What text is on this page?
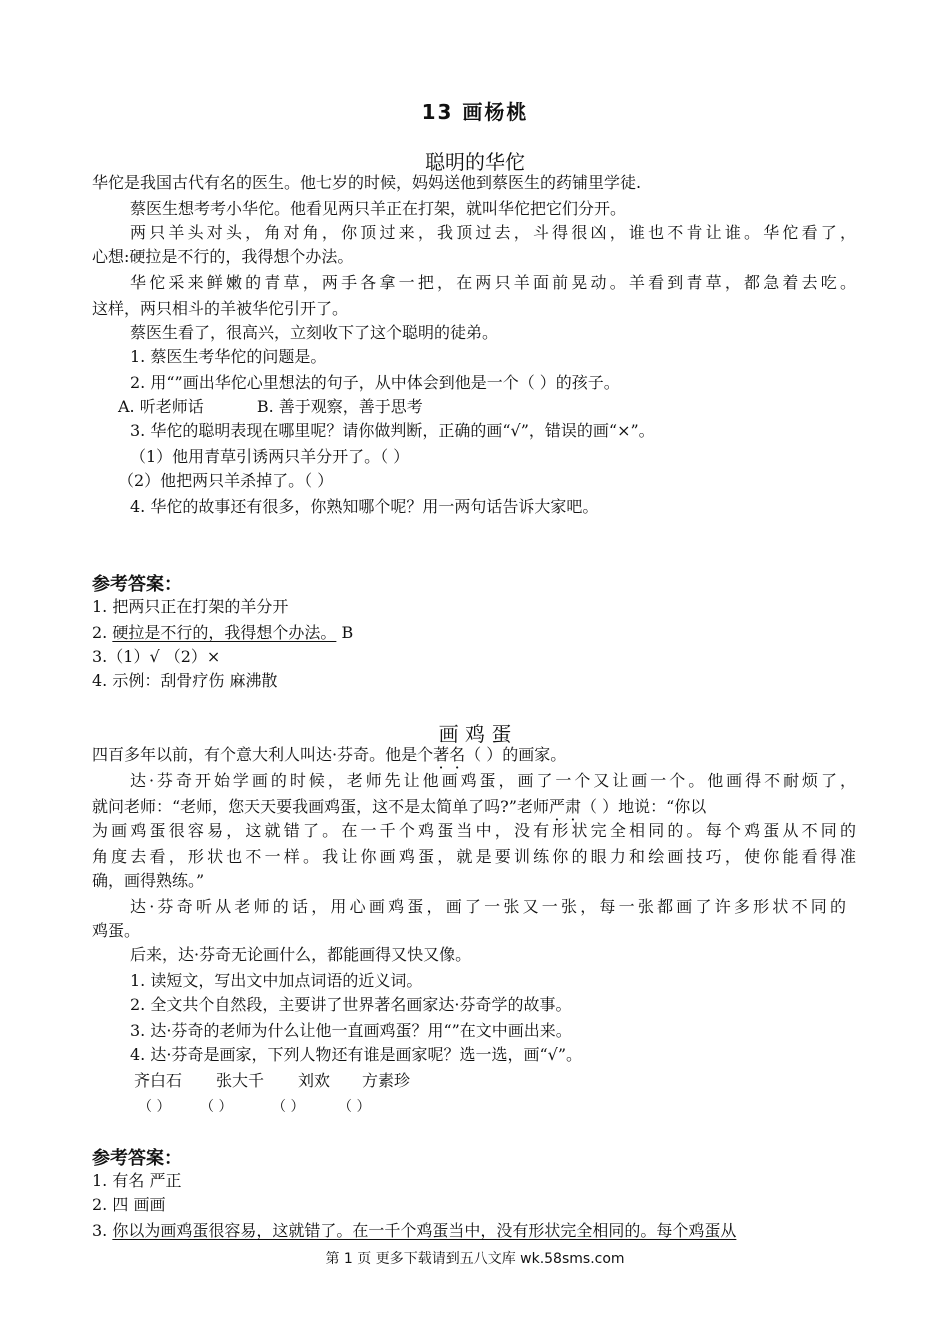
13 画杨桃
聪明的华佗
华佗是我国古代有名的医生。他七岁的时候，妈妈送他到蔡医生的药铺里学徒.
蔡医生想考考小华佗。他看见两只羊正在打架，就叫华佗把它们分开。
两只羊头对头，角对角，你顶过来，我顶过去，斗得很凶，谁也不肯让谁。华佗看了，
心想:硬拉是不行的，我得想个办法。
华佗采来鲜嫩的青草，两手各拿一把，在两只羊面前晃动。羊看到青草，都急着去吃。
这样，两只相斗的羊被华佗引开了。
蔡医生看了，很高兴，立刻收下了这个聪明的徒弟。
1. 蔡医生考华佗的问题是。
2. 用“”画出华佗心里想法的句子，从中体会到他是一个（ ）的孩子。
A. 听老师话	B. 善于观察，善于思考
3. 华佗的聪明表现在哪里呢？请你做判断，正确的画“√”，错误的画“×”。
（1）他用青草引诱两只羊分开了。（ ）
（2）他把两只羊杀掉了。（ ）
4. 华佗的故事还有很多，你熟知哪个呢？用一两句话告诉大家吧。
参考答案：
1. 把两只正在打架的羊分开
2. 硬拉是不行的，我得想个办法。 B
3.（1）√ （2）×
4. 示例：刮骨疗伤 麻沸散
画 鸡 蛋
四百多年以前，有个意大利人叫达·芬奇。他是个著名（ ）的画家。
达·芬奇开始学画的时候，老师先让他画鸡蛋，画了一个又让画一个。他画得不耐烦了，
就问老师：“老师，您天天要我画鸡蛋，这不是太简单了吗?”老师严肃（ ）地说：“你以
为画鸡蛋很容易，这就错了。在一千个鸡蛋当中，没有形状完全相同的。每个鸡蛋从不同的
角度去看，形状也不一样。我让你画鸡蛋，就是要训练你的眼力和绘画技巧，使你能看得准
确，画得熟练。”
达·芬奇听从老师的话，用心画鸡蛋，画了一张又一张，每一张都画了许多形状不同的
鸡蛋。
后来，达·芬奇无论画什么，都能画得又快又像。
1. 读短文，写出文中加点词语的近义词。
2. 全文共个自然段，主要讲了世界著名画家达·芬奇学的故事。
3. 达·芬奇的老师为什么让他一直画鸡蛋？用“”在文中画出来。
4. 达·芬奇是画家，下列人物还有谁是画家呢？选一选，画“√”。
齐白石 张大千 刘欢 方素珍
（ ） （ ）	（ ） （ ）
参考答案：
1. 有名 严正
2. 四 画画
3. 你以为画鸡蛋很容易，这就错了。在一千个鸡蛋当中，没有形状完全相同的。每个鸡蛋从
第 1 页 更多下载请到五八文库 wk.58sms.com
